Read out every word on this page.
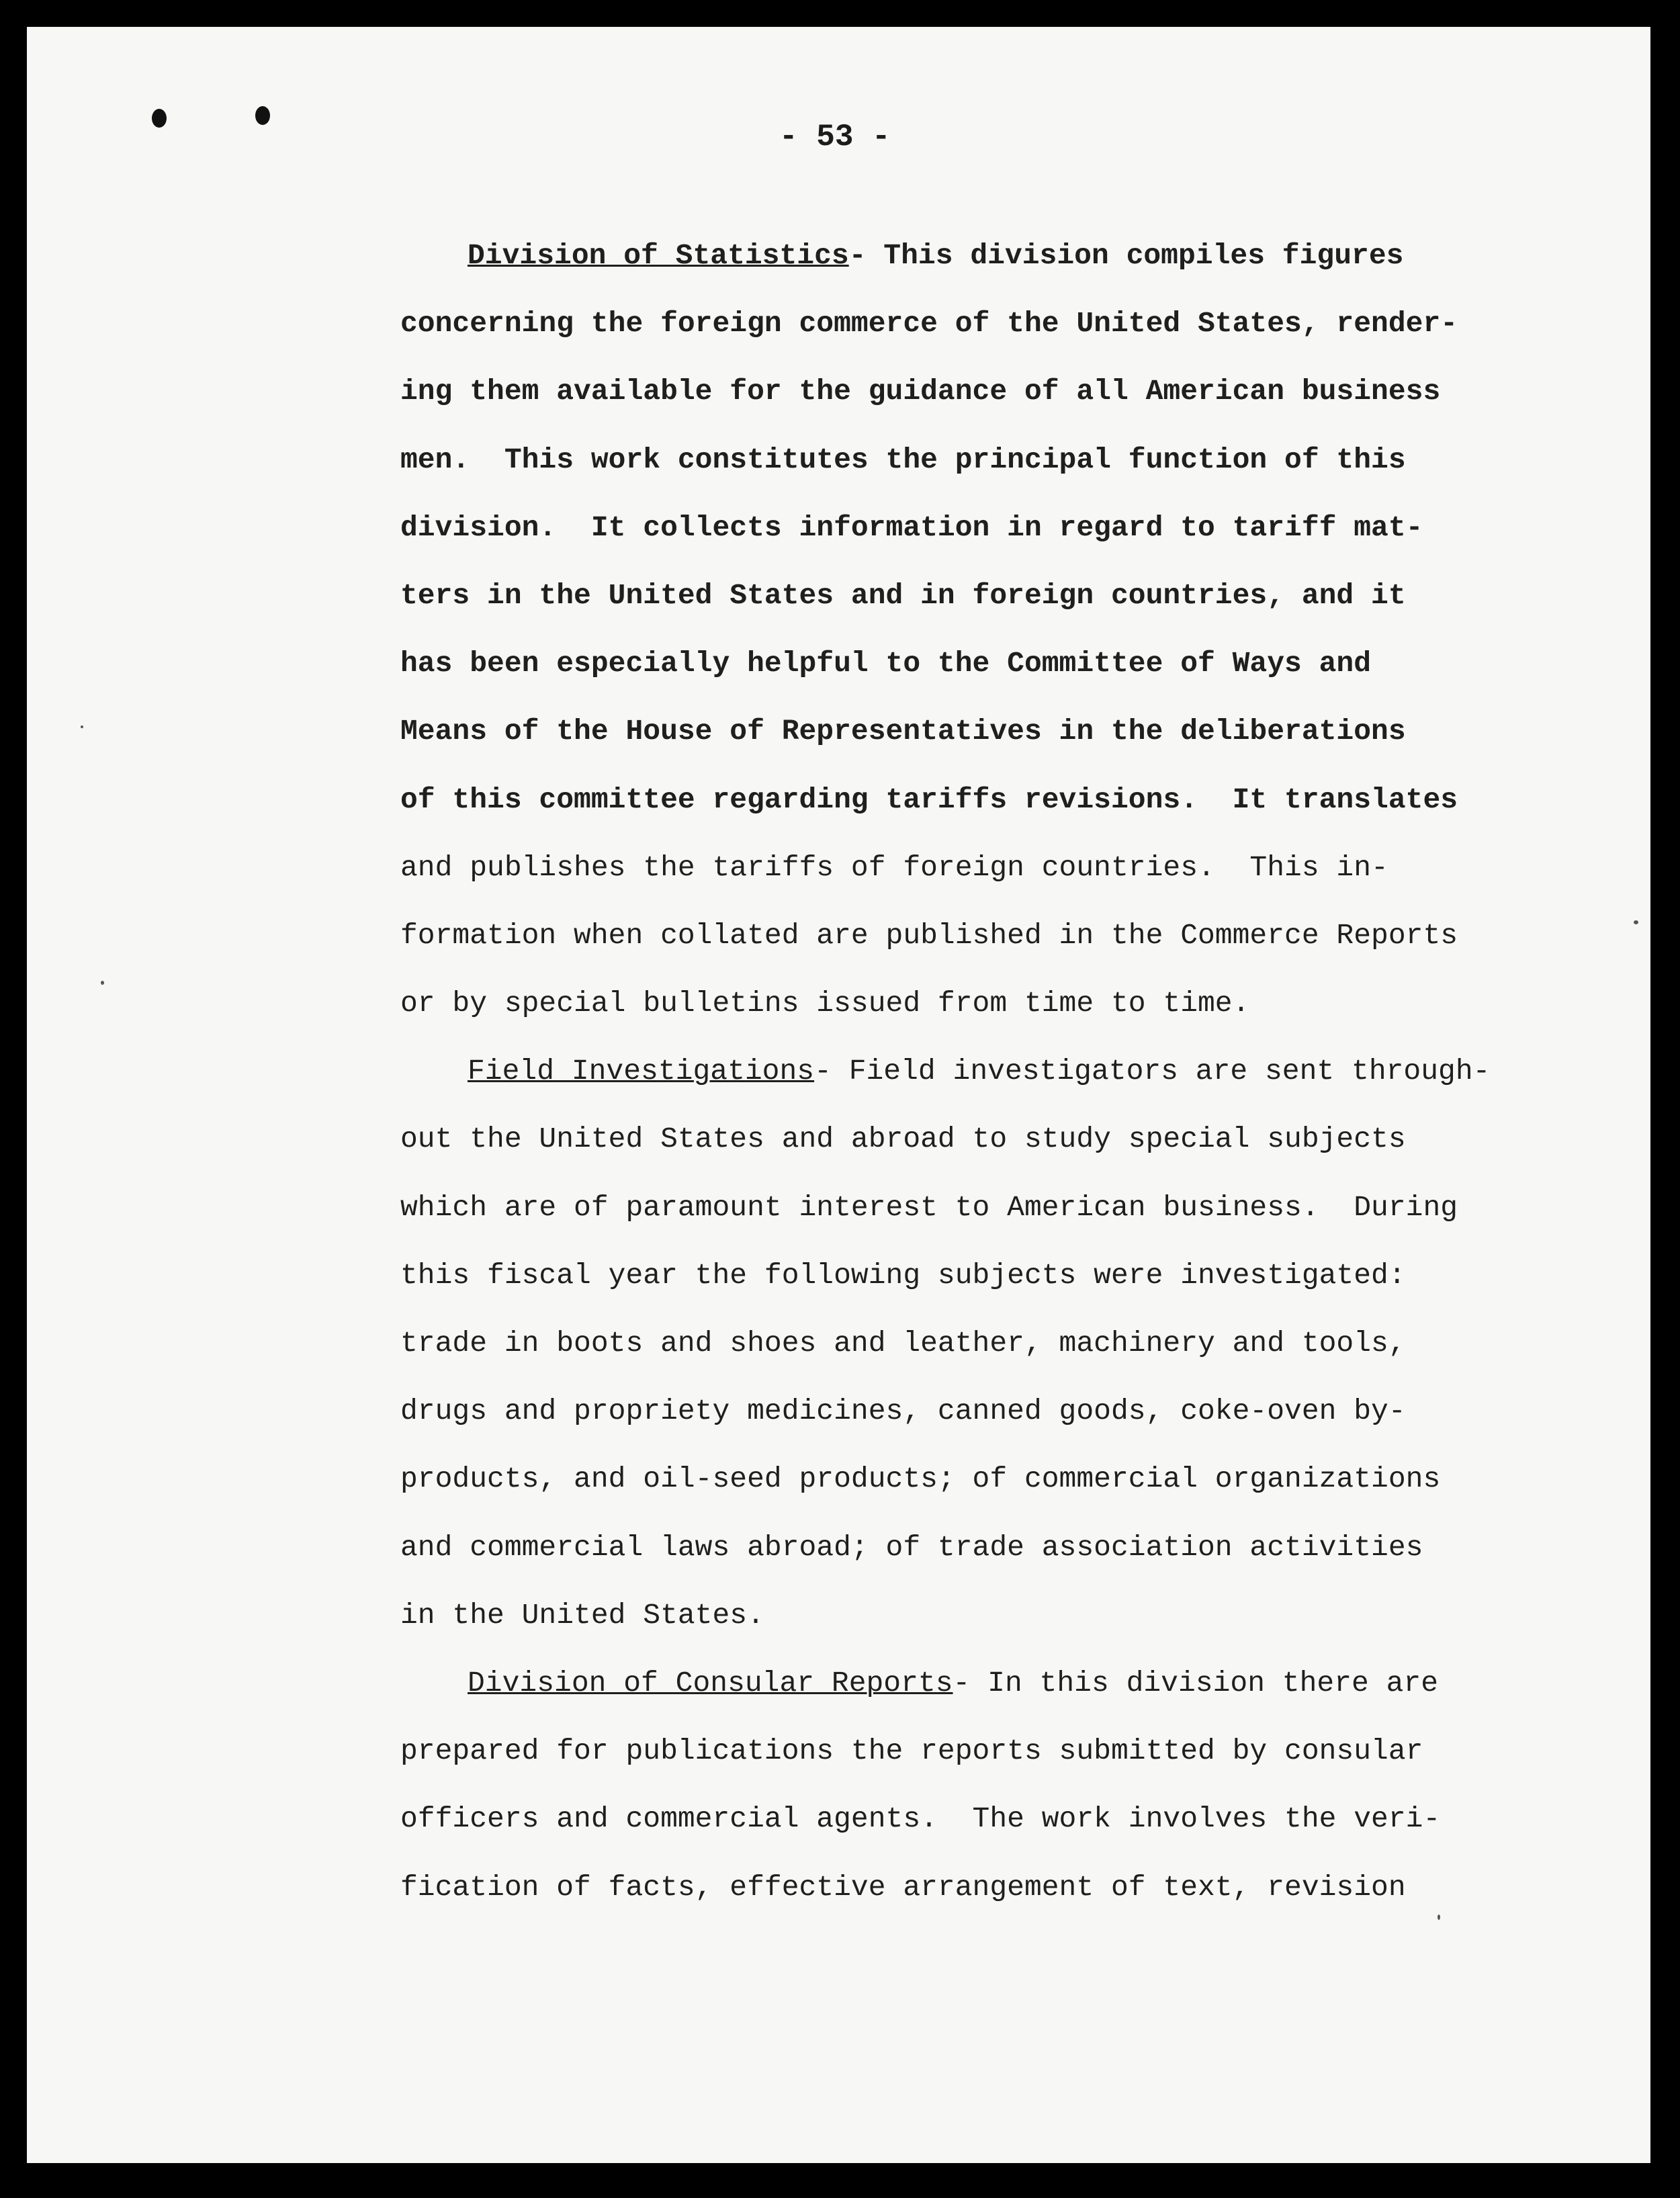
- 53 -
Division of Statistics- This division compiles figures
concerning the foreign commerce of the United States, render-
ing them available for the guidance of all American business
men.  This work constitutes the principal function of this
division.  It collects information in regard to tariff mat-
ters in the United States and in foreign countries, and it
has been especially helpful to the Committee of Ways and
Means of the House of Representatives in the deliberations
of this committee regarding tariffs revisions.  It translates
and publishes the tariffs of foreign countries.  This in-
formation when collated are published in the Commerce Reports
or by special bulletins issued from time to time.
Field Investigations- Field investigators are sent through-
out the United States and abroad to study special subjects
which are of paramount interest to American business.  During
this fiscal year the following subjects were investigated:
trade in boots and shoes and leather, machinery and tools,
drugs and propriety medicines, canned goods, coke-oven by-
products, and oil-seed products; of commercial organizations
and commercial laws abroad; of trade association activities
in the United States.
Division of Consular Reports- In this division there are
prepared for publications the reports submitted by consular
officers and commercial agents.  The work involves the veri-
fication of facts, effective arrangement of text, revision
